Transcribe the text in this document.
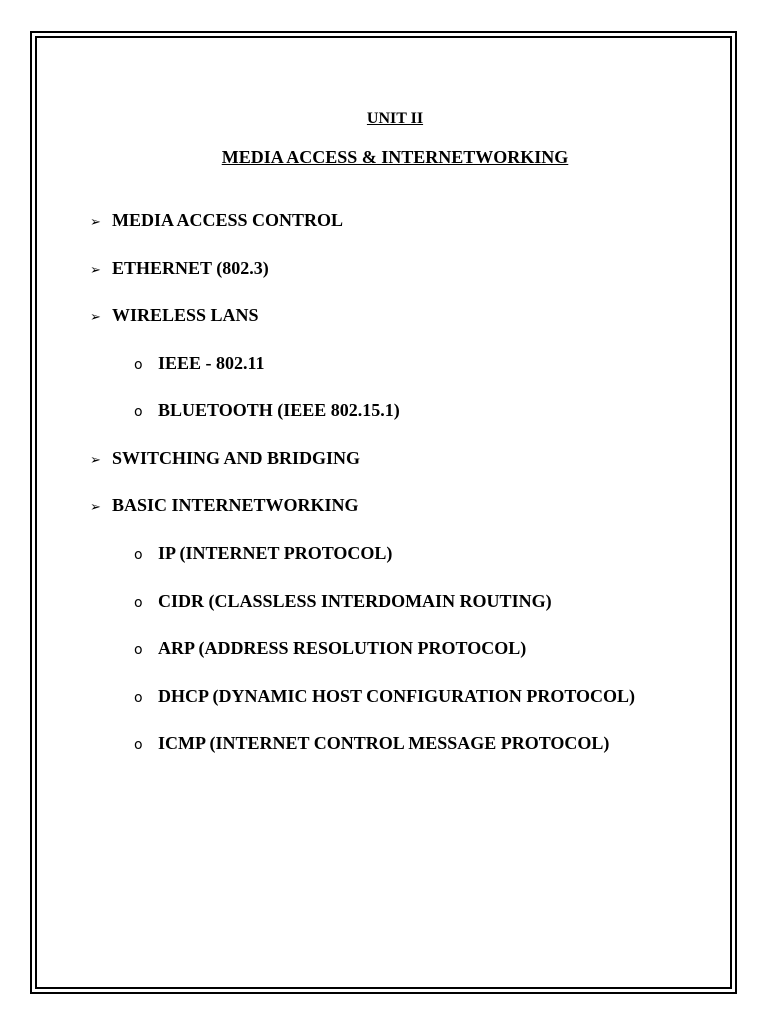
UNIT II
MEDIA ACCESS & INTERNETWORKING
➢ MEDIA ACCESS CONTROL
➢ ETHERNET (802.3)
➢ WIRELESS LANS
o IEEE - 802.11
o BLUETOOTH (IEEE 802.15.1)
➢ SWITCHING AND BRIDGING
➢ BASIC INTERNETWORKING
o IP (INTERNET PROTOCOL)
o CIDR (CLASSLESS INTERDOMAIN ROUTING)
o ARP (ADDRESS RESOLUTION PROTOCOL)
o DHCP (DYNAMIC HOST CONFIGURATION PROTOCOL)
o ICMP (INTERNET CONTROL MESSAGE PROTOCOL)
